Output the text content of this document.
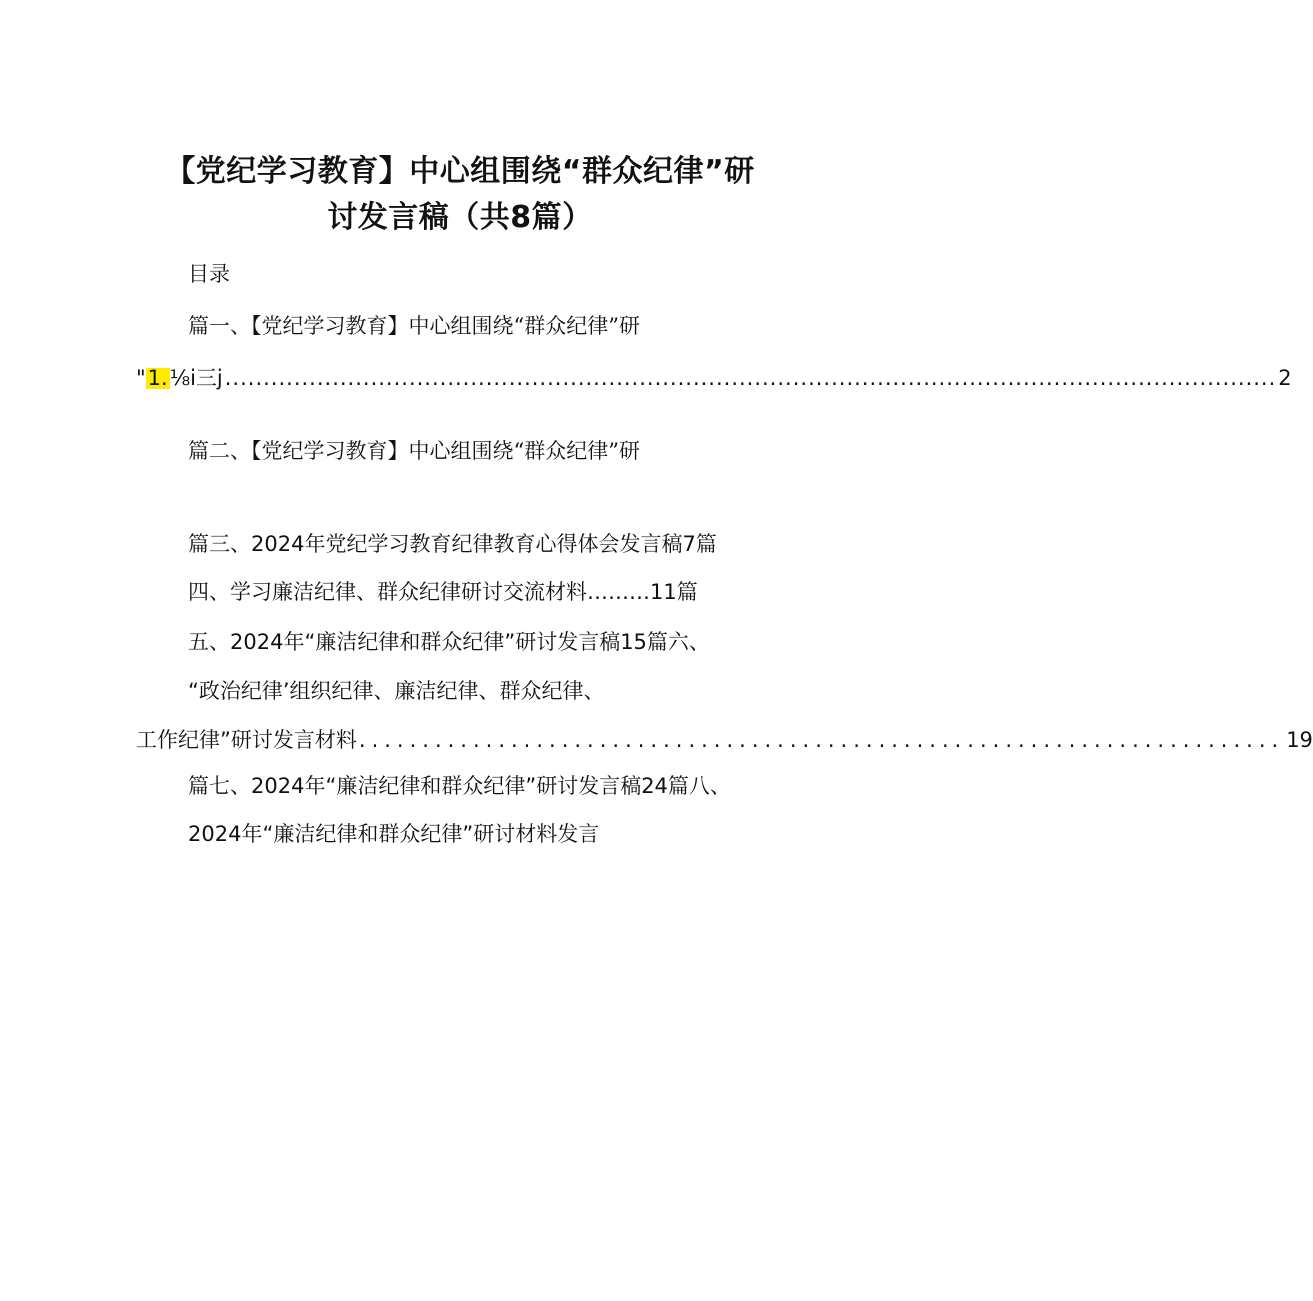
【党纪学习教育】中心组围绕“群众纪律”研
讨发言稿（共8篇）
目录
篇一、【党纪学习教育】中心组围绕“群众纪律”研
" 1. ⅛i三j ......................................................................................................................................... 2
篇二、【党纪学习教育】中心组围绕“群众纪律”研
篇三、2024年党纪学习教育纪律教育心得体会发言稿7篇
四、学习廉洁纪律、群众纪律研讨交流材料………11篇
五、2024年“廉洁纪律和群众纪律”研讨发言稿15篇六、
“政治纪律’组织纪律、廉洁纪律、群众纪律、
工作纪律”研讨发言材料 ......................................................................... 19
篇七、2024年“廉洁纪律和群众纪律”研讨发言稿24篇八、
2024年“廉洁纪律和群众纪律”研讨材料发言
